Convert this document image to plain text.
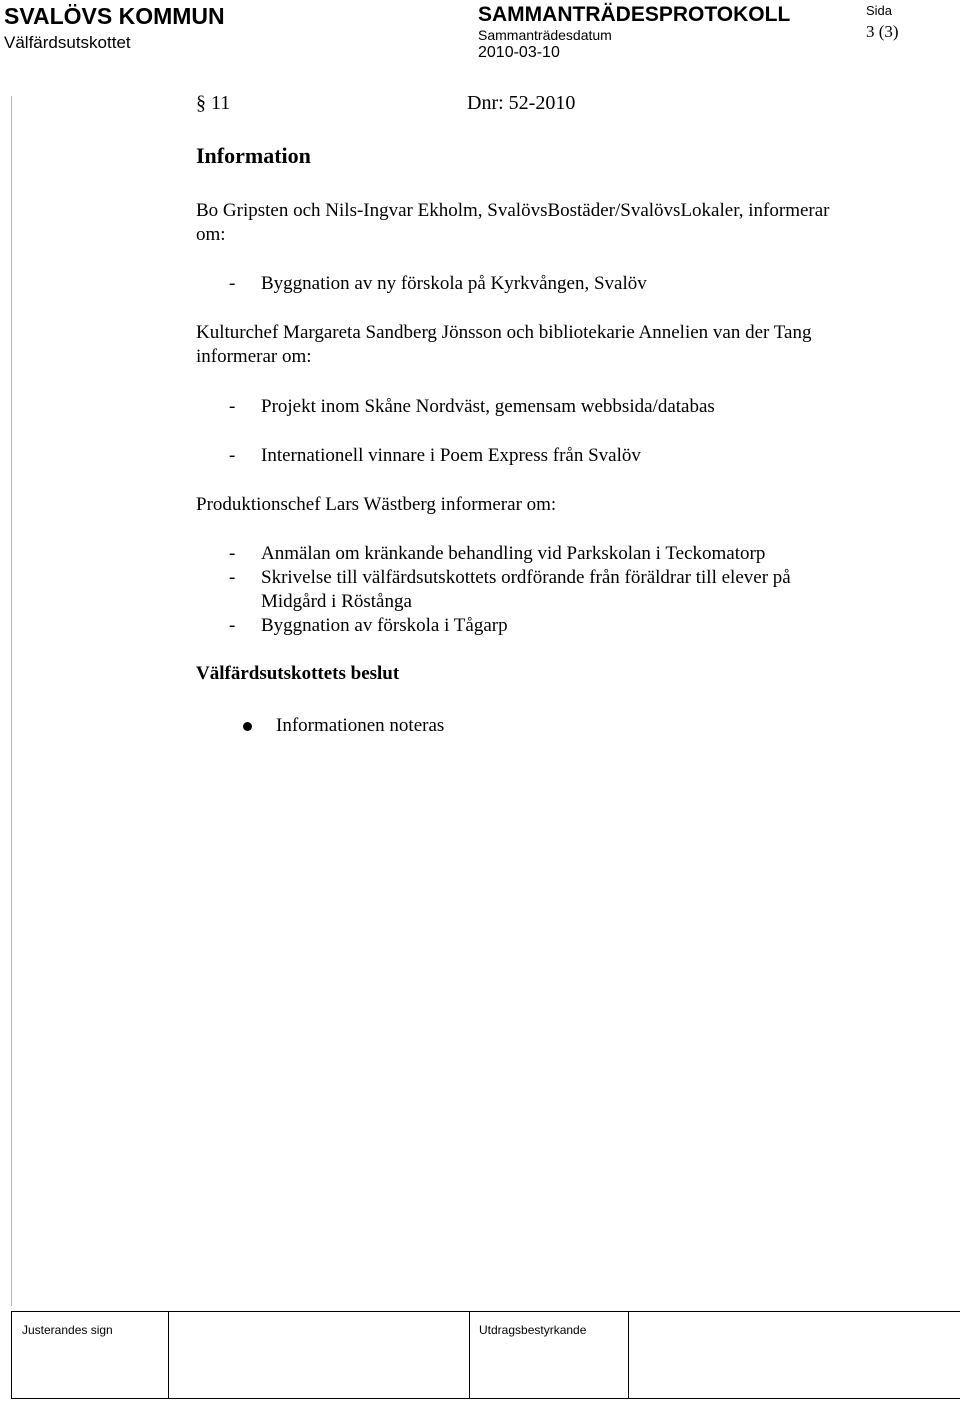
SVALÖVS KOMMUN
Välfärdsutskottet
SAMMANTRÄDESPROTOKOLL
Sammanträdesdatum
2010-03-10
Sida
3 (3)
§ 11	Dnr: 52-2010
Information
Bo Gripsten och Nils-Ingvar Ekholm, SvalövsBostäder/SvalövsLokaler, informerar
om:
- Byggnation av ny förskola på Kyrkvången, Svalöv
Kulturchef Margareta Sandberg Jönsson och bibliotekarie Annelien van der Tang
informerar om:
- Projekt inom Skåne Nordväst, gemensam webbsida/databas
- Internationell vinnare i Poem Express från Svalöv
Produktionschef Lars Wästberg informerar om:
- Anmälan om kränkande behandling vid Parkskolan i Teckomatorp
- Skrivelse till välfärdsutskottets ordförande från föräldrar till elever på
Midgård i Röstånga
- Byggnation av förskola i Tågarp
Välfärdsutskottets beslut
Informationen noteras
Justerandes sign	Utdragsbestyrkande
